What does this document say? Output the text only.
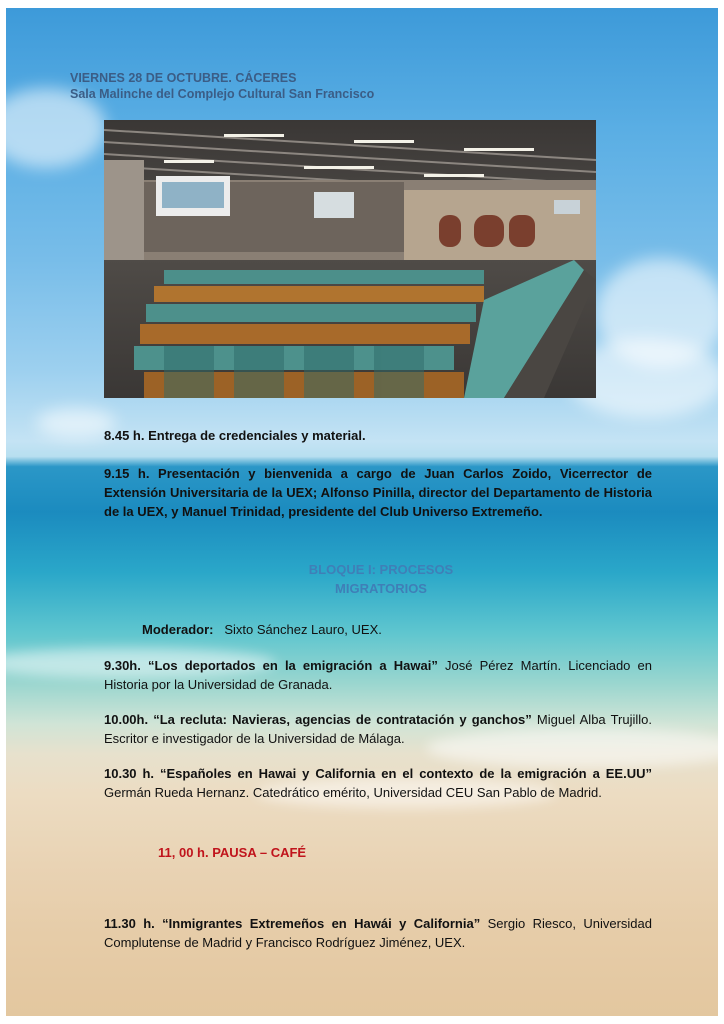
VIERNES 28 DE OCTUBRE. CÁCERES
Sala Malinche del Complejo Cultural San Francisco
8.45 h. Entrega de credenciales y material.
9.15 h. Presentación y bienvenida a cargo de Juan Carlos Zoido, Vicerrector de Extensión Universitaria de la UEX; Alfonso Pinilla, director del Departamento de Historia de la UEX, y Manuel Trinidad, presidente del Club Universo Extremeño.
BLOQUE I: PROCESOS
MIGRATORIOS
Moderador: Sixto Sánchez Lauro, UEX.
9.30h. “Los deportados en la emigración a Hawai” José Pérez Martín. Licenciado en Historia por la Universidad de Granada.
10.00h. “La recluta: Navieras, agencias de contratación y ganchos” Miguel Alba Trujillo. Escritor e investigador de la Universidad de Málaga.
10.30 h. “Españoles en Hawai y California en el contexto de la emigración a EE.UU” Germán Rueda Hernanz. Catedrático emérito, Universidad CEU San Pablo de Madrid.
11, 00 h. PAUSA – CAFÉ
11.30 h. “Inmigrantes Extremeños en Hawái y California” Sergio Riesco, Universidad Complutense de Madrid y Francisco Rodríguez Jiménez, UEX.
